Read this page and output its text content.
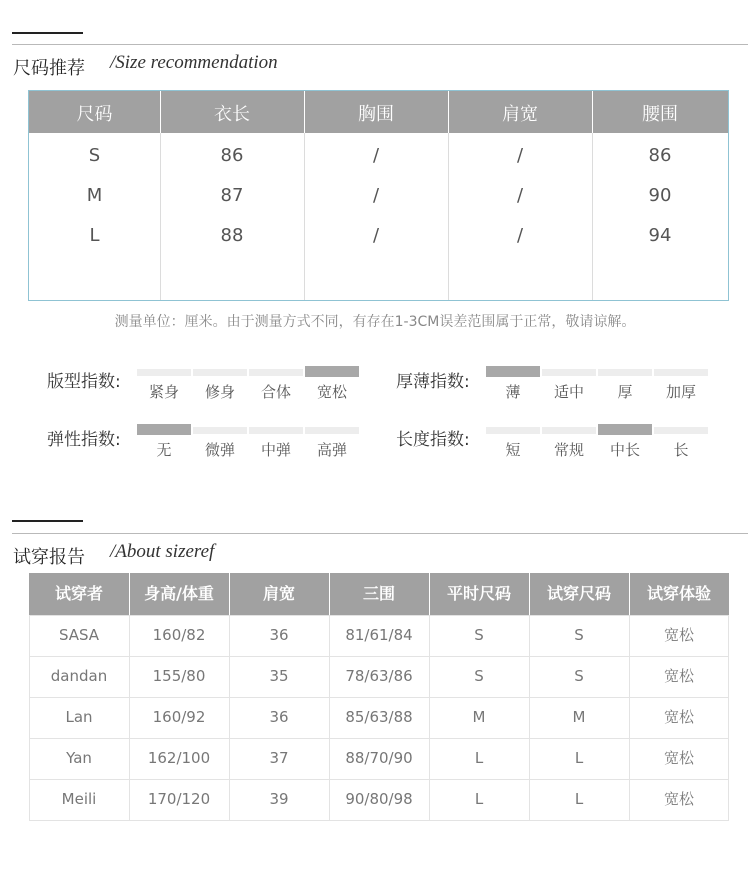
尺码推荐 /Size recommendation
尺码	衣长	胸围	肩宽	腰围
S	86	/	/	86
M	87	/	/	90
L	88	/	/	94
测量单位：厘米。由于测量方式不同，有存在1-3CM误差范围属于正常，敬请谅解。
版型指数:	紧身	修身	合体	宽松	厚薄指数:	薄	适中	厚	加厚
弹性指数:	无	微弹	中弹	高弹	长度指数:	短	常规	中长	长
试穿报告 /About sizeref
试穿者	身高/体重	肩宽	三围	平时尺码	试穿尺码	试穿体验
SASA	160/82	36	81/61/84	S	S	宽松
dandan	155/80	35	78/63/86	S	S	宽松
Lan	160/92	36	85/63/88	M	M	宽松
Yan	162/100	37	88/70/90	L	L	宽松
Meili	170/120	39	90/80/98	L	L	宽松
